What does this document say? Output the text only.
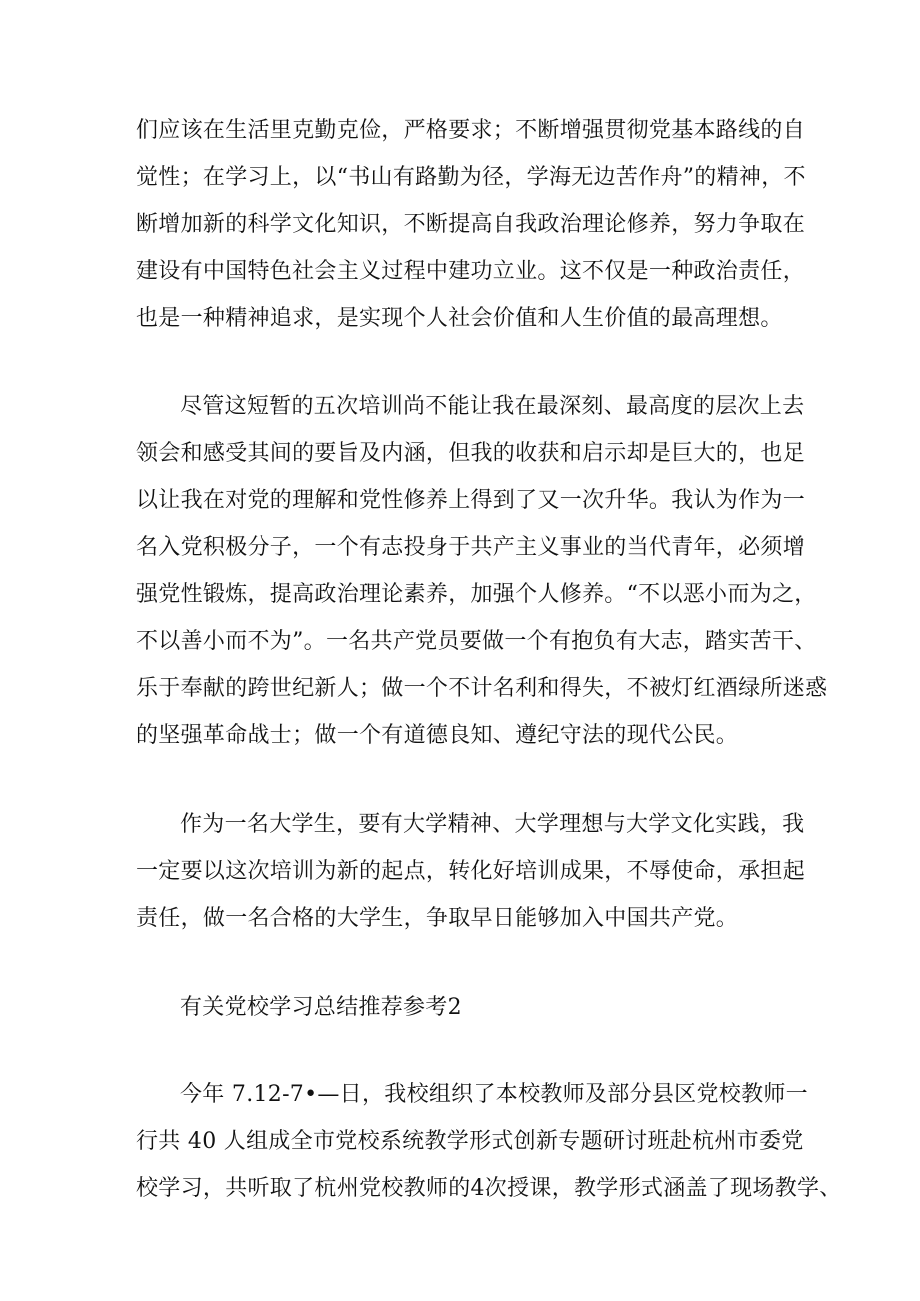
们应该在生活里克勤克俭，严格要求；不断增强贯彻党基本路线的自
觉性；在学习上，以“书山有路勤为径，学海无边苦作舟”的精神，不
断增加新的科学文化知识，不断提高自我政治理论修养，努力争取在
建设有中国特色社会主义过程中建功立业。这不仅是一种政治责任，
也是一种精神追求，是实现个人社会价值和人生价值的最高理想。
尽管这短暂的五次培训尚不能让我在最深刻、最高度的层次上去
领会和感受其间的要旨及内涵，但我的收获和启示却是巨大的，也足
以让我在对党的理解和党性修养上得到了又一次升华。我认为作为一
名入党积极分子，一个有志投身于共产主义事业的当代青年，必须增
强党性锻炼，提高政治理论素养，加强个人修养。“不以恶小而为之，
不以善小而不为”。一名共产党员要做一个有抱负有大志，踏实苦干、
乐于奉献的跨世纪新人；做一个不计名利和得失，不被灯红酒绿所迷惑
的坚强革命战士；做一个有道德良知、遵纪守法的现代公民。
作为一名大学生，要有大学精神、大学理想与大学文化实践，我
一定要以这次培训为新的起点，转化好培训成果，不辱使命，承担起
责任，做一名合格的大学生，争取早日能够加入中国共产党。
有关党校学习总结推荐参考2
今年 7.12-7•—日，我校组织了本校教师及部分县区党校教师一
行共 40 人组成全市党校系统教学形式创新专题研讨班赴杭州市委党
校学习，共听取了杭州党校教师的4次授课，教学形式涵盖了现场教学、
